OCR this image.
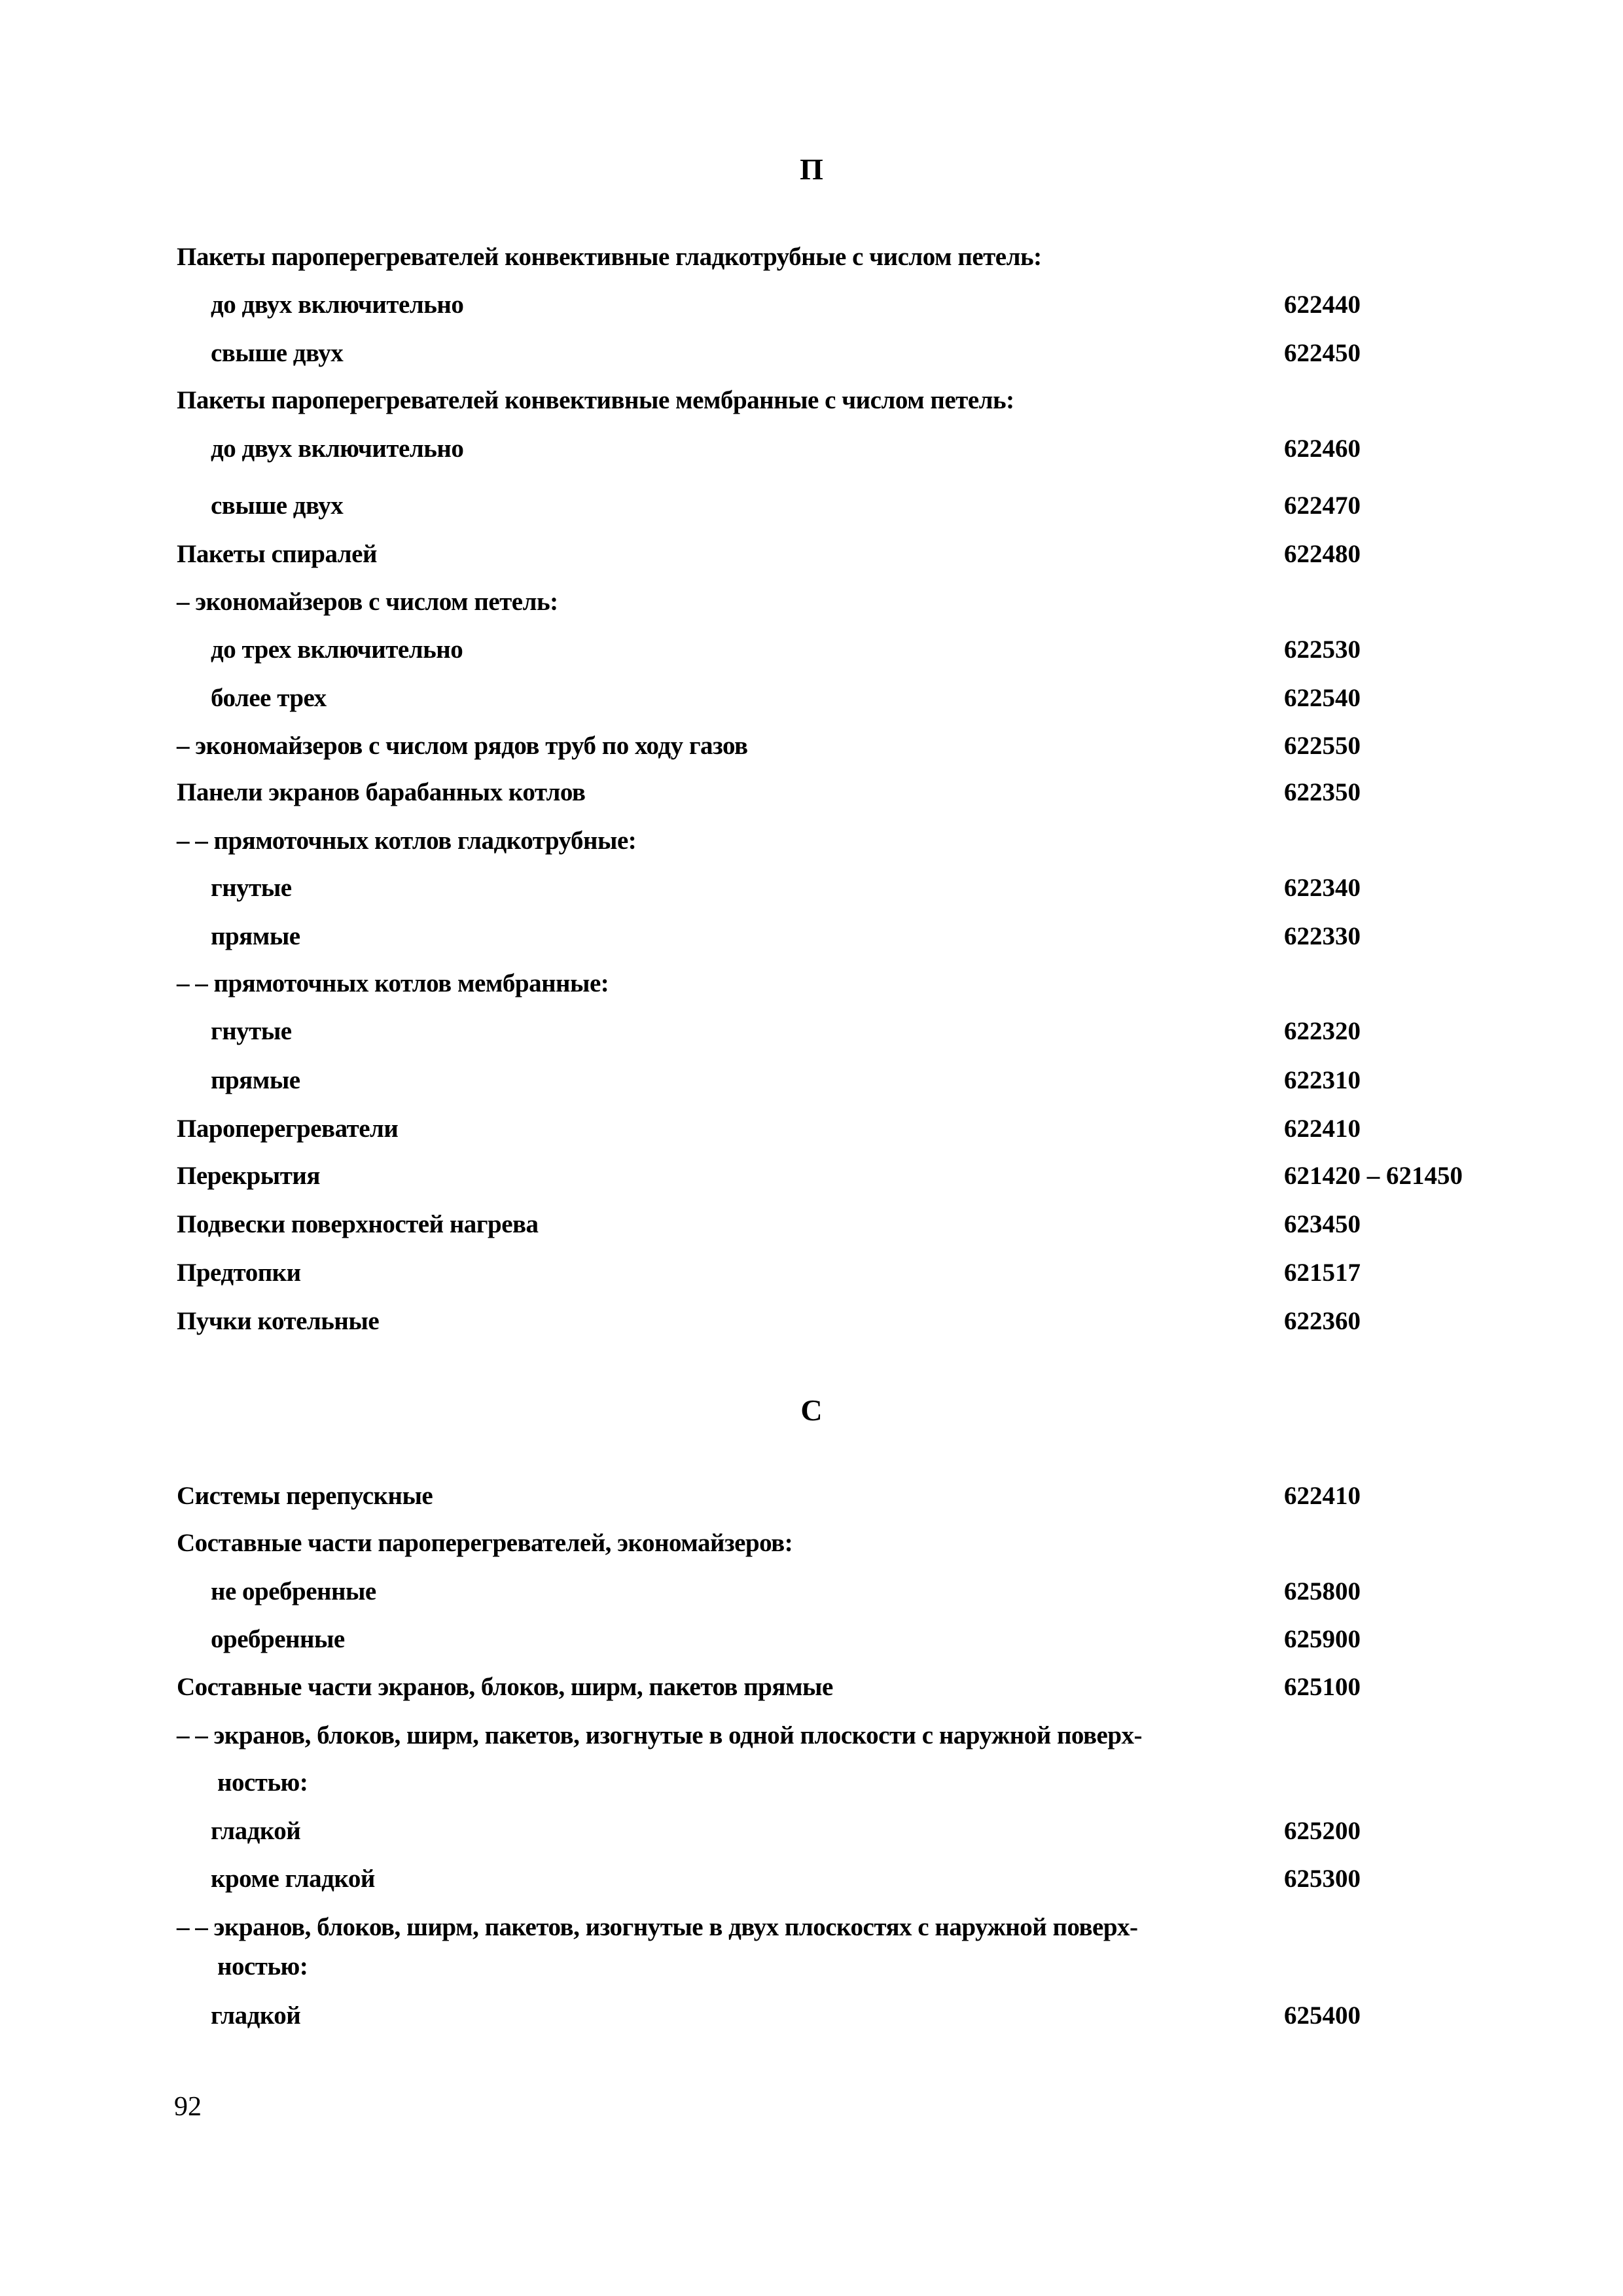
П
Пакеты пароперегревателей конвективные гладкотрубные с числом петель:
до двух включительно	622440
свыше двух	622450
Пакеты пароперегревателей конвективные мембранные с числом петель:
до двух включительно	622460
свыше двух	622470
Пакеты спиралей	622480
– экономайзеров с числом петель:
до трех включительно	622530
более трех	622540
– экономайзеров с числом рядов труб по ходу газов	622550
Панели экранов барабанных котлов	622350
– – прямоточных котлов гладкотрубные:
гнутые	622340
прямые	622330
– – прямоточных котлов мембранные:
гнутые	622320
прямые	622310
Пароперегреватели	622410
Перекрытия	621420 – 621450
Подвески поверхностей нагрева	623450
Предтопки	621517
Пучки котельные	622360
С
Системы перепускные	622410
Составные части пароперегревателей, экономайзеров:
не оребренные	625800
оребренные	625900
Составные части экранов, блоков, ширм, пакетов прямые	625100
– – экранов, блоков, ширм, пакетов, изогнутые в одной плоскости с наружной поверх-
ностью:
гладкой	625200
кроме гладкой	625300
– – экранов, блоков, ширм, пакетов, изогнутые в двух плоскостях с наружной поверх-
ностью:
гладкой	625400
92
